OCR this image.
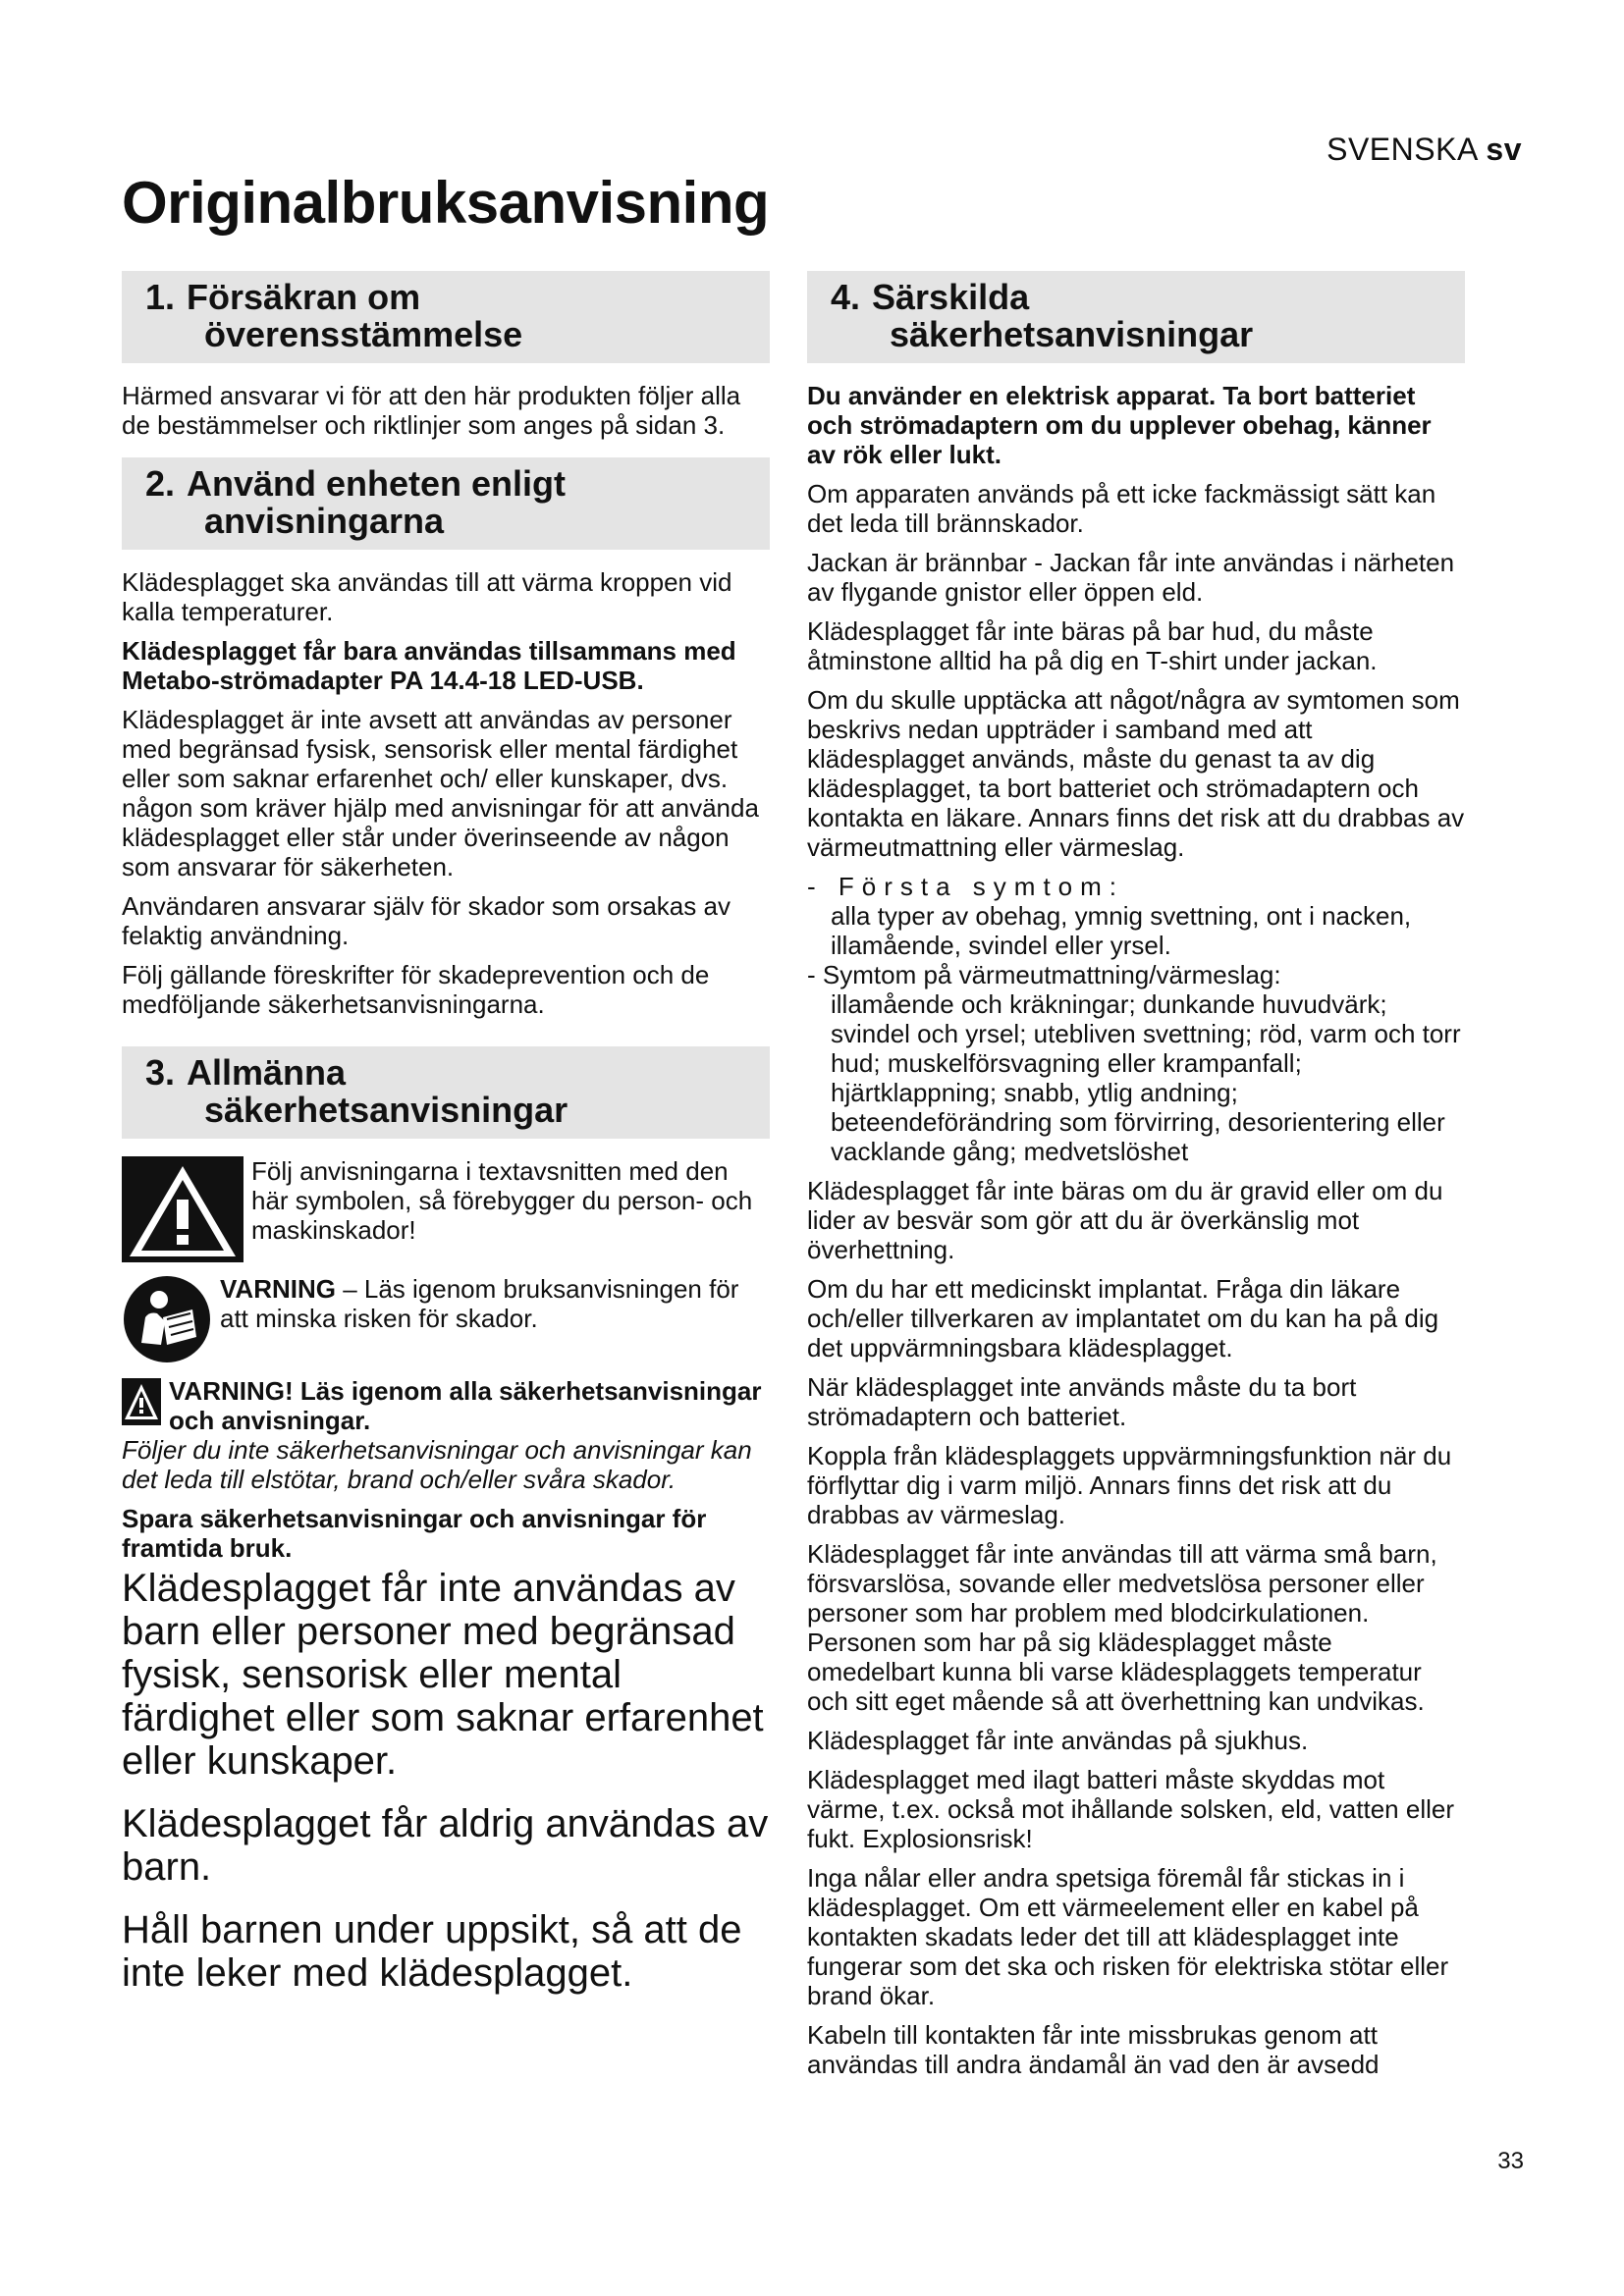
SVENSKA sv
Originalbruksanvisning
1. Försäkran om
överensstämmelse

Härmed ansvarar vi för att den här produkten följer alla de bestämmelser och riktlinjer som anges på sidan 3.

2. Använd enheten enligt
anvisningarna

Klädesplagget ska användas till att värma kroppen vid kalla temperaturer.

Klädesplagget får bara användas tillsammans med Metabo-strömadapter PA 14.4-18 LED-USB.

Klädesplagget är inte avsett att användas av personer med begränsad fysisk, sensorisk eller mental färdighet eller som saknar erfarenhet och/ eller kunskaper, dvs. någon som kräver hjälp med anvisningar för att använda klädesplagget eller står under överinseende av någon som ansvarar för säkerheten.

Användaren ansvarar själv för skador som orsakas av felaktig användning.

Följ gällande föreskrifter för skadeprevention och de medföljande säkerhetsanvisningarna.

3. Allmänna
säkerhetsanvisningar

Följ anvisningarna i textavsnitten med den här symbolen, så förebygger du person- och maskinskador!

VARNING – Läs igenom bruksanvisningen för att minska risken för skador.

VARNING! Läs igenom alla säkerhetsanvisningar och anvisningar.

Följer du inte säkerhetsanvisningar och anvisningar kan det leda till elstötar, brand och/eller svåra skador.

Spara säkerhetsanvisningar och anvisningar för framtida bruk.

Klädesplagget får inte användas av barn eller personer med begränsad fysisk, sensorisk eller mental färdighet eller som saknar erfarenhet eller kunskaper.

Klädesplagget får aldrig användas av barn.

Håll barnen under uppsikt, så att de inte leker med klädesplagget.

4. Särskilda
säkerhetsanvisningar

Du använder en elektrisk apparat. Ta bort batteriet och strömadaptern om du upplever obehag, känner av rök eller lukt.

Om apparaten används på ett icke fackmässigt sätt kan det leda till brännskador.

Jackan är brännbar - Jackan får inte användas i närheten av flygande gnistor eller öppen eld.

Klädesplagget får inte bäras på bar hud, du måste åtminstone alltid ha på dig en T-shirt under jackan.

Om du skulle upptäcka att något/några av symtomen som beskrivs nedan uppträder i samband med att klädesplagget används, måste du genast ta av dig klädesplagget, ta bort batteriet och strömadaptern och kontakta en läkare. Annars finns det risk att du drabbas av värmeutmattning eller värmeslag.

- Första symtom:
alla typer av obehag, ymnig svettning, ont i nacken, illamående, svindel eller yrsel.

- Symtom på värmeutmattning/värmeslag:
illamående och kräkningar; dunkande huvudvärk; svindel och yrsel; utebliven svettning; röd, varm och torr hud; muskelförsvagning eller krampanfall; hjärtklappning; snabb, ytlig andning; beteendeförändring som förvirring, desorientering eller vacklande gång; medvetslöshet

Klädesplagget får inte bäras om du är gravid eller om du lider av besvär som gör att du är överkänslig mot överhettning.

Om du har ett medicinskt implantat. Fråga din läkare och/eller tillverkaren av implantatet om du kan ha på dig det uppvärmningsbara klädesplagget.

När klädesplagget inte används måste du ta bort strömadaptern och batteriet.

Koppla från klädesplaggets uppvärmningsfunktion när du förflyttar dig i varm miljö. Annars finns det risk att du drabbas av värmeslag.

Klädesplagget får inte användas till att värma små barn, försvarslösa, sovande eller medvetslösa personer eller personer som har problem med blodcirkulationen. Personen som har på sig klädesplagget måste omedelbart kunna bli varse klädesplaggets temperatur och sitt eget mående så att överhettning kan undvikas.

Klädesplagget får inte användas på sjukhus.

Klädesplagget med ilagt batteri måste skyddas mot värme, t.ex. också mot ihållande solsken, eld, vatten eller fukt. Explosionsrisk!

Inga nålar eller andra spetsiga föremål får stickas in i klädesplagget. Om ett värmeelement eller en kabel på kontakten skadats leder det till att klädesplagget inte fungerar som det ska och risken för elektriska stötar eller brand ökar.

Kabeln till kontakten får inte missbrukas genom att användas till andra ändamål än vad den är avsedd

33
